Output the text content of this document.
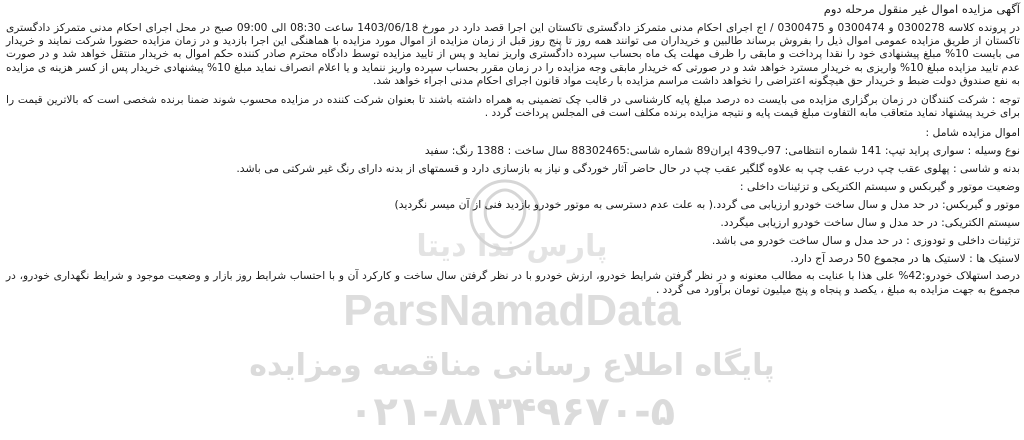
ParsNamadData
پارس ندا دیتا
پایگاه اطلاع رسانی مناقصه ومزایده
۰۲۱-۸۸۳۴۹۶۷۰-۵
آگهی مزایده اموال غیر منقول مرحله دوم

در پرونده کلاسه 0300278 و 0300474 و 0300475 / اج اجرای احکام مدنی متمرکز دادگستری تاکستان این اجرا قصد دارد در مورخ 1403/06/18 ساعت 08:30 الی 09:00 صبح در محل اجرای احکام مدنی متمرکز دادگستری تاکستان از طریق مزایده عمومی اموال ذیل را بفروش برساند طالبین و خریداران می توانند همه روز تا پنج روز قبل از زمان مزایده از اموال مورد مزایده با هماهنگی این اجرا بازدید و در زمان مزایده حضورا شرکت نمایند و خریدار می بایست 10% مبلغ پیشنهادی خود را نقدا پرداخت و مابقی را ظرف مهلت یک ماه بحساب سپرده دادگستری واریز نماید و پس از تایید مزایده توسط دادگاه محترم صادر کننده حکم اموال به خریدار منتقل خواهد شد و در صورت عدم تایید مزایده مبلغ 10% واریزی به خریدار مسترد خواهد شد و در صورتی که خریدار مابقی وجه مزایده را در زمان مقرر بحساب سپرده واریز ننماید و یا اعلام انصراف نماید مبلغ 10% پیشنهادی خریدار پس از کسر هزینه ی مزایده به نفع صندوق دولت ضبط و خریدار حق هیچگونه اعتراضی را نخواهد داشت مراسم مزایده با رعایت مواد قانون اجرای احکام مدنی اجراء خواهد شد.

توجه : شرکت کنندگان در زمان برگزاری مزایده می بایست ده درصد مبلغ پایه کارشناسی در قالب چک تضمینی به همراه داشته باشند تا بعنوان شرکت کننده در مزایده محسوب شوند ضمنا برنده شخصی است که بالاترین قیمت را برای خرید پیشنهاد نماید متعاقب مابه التفاوت مبلغ قیمت پایه و نتیجه مزایده برنده مکلف است فی المجلس پرداخت گردد .

اموال مزایده شامل :
نوع وسیله : سواری پراید تیپ: 141 شماره انتظامی: 97ب439 ایران89 شماره شاسی:88302465 سال ساخت : 1388 رنگ: سفید
بدنه و شاسی : پهلوی عقب چپ درب عقب چپ به علاوه گلگیر عقب چپ در حال حاضر آثار خوردگی و نیاز به بازسازی دارد و قسمتهای از بدنه دارای رنگ غیر شرکتی می باشد.
وضعیت موتور و گیربکس و سیستم الکتریکی و تزئینات داخلی :
موتور و گیربکس: در حد مدل و سال ساخت خودرو ارزیابی می گردد.( به علت عدم دسترسی به موتور خودرو بازدید فنی از آن میسر نگردید)
سیستم الکتریکی: در حد مدل و سال ساخت خودرو ارزیابی میگردد.
تزئینات داخلی و تودوزی : در حد مدل و سال ساخت خودرو می باشد.
لاستیک ها : لاستیک ها در مجموع 50 درصد آج دارد.

درصد استهلاک خودرو:42% علی هذا با عنایت به مطالب معنونه و در نظر گرفتن شرایط خودرو، ارزش خودرو با در نظر گرفتن سال ساخت و کارکرد آن و با احتساب شرایط روز بازار و وضعیت موجود و شرایط نگهداری خودرو، در مجموع به جهت مزایده به مبلغ ، یکصد و پنجاه و پنج میلیون تومان برآورد می گردد .
